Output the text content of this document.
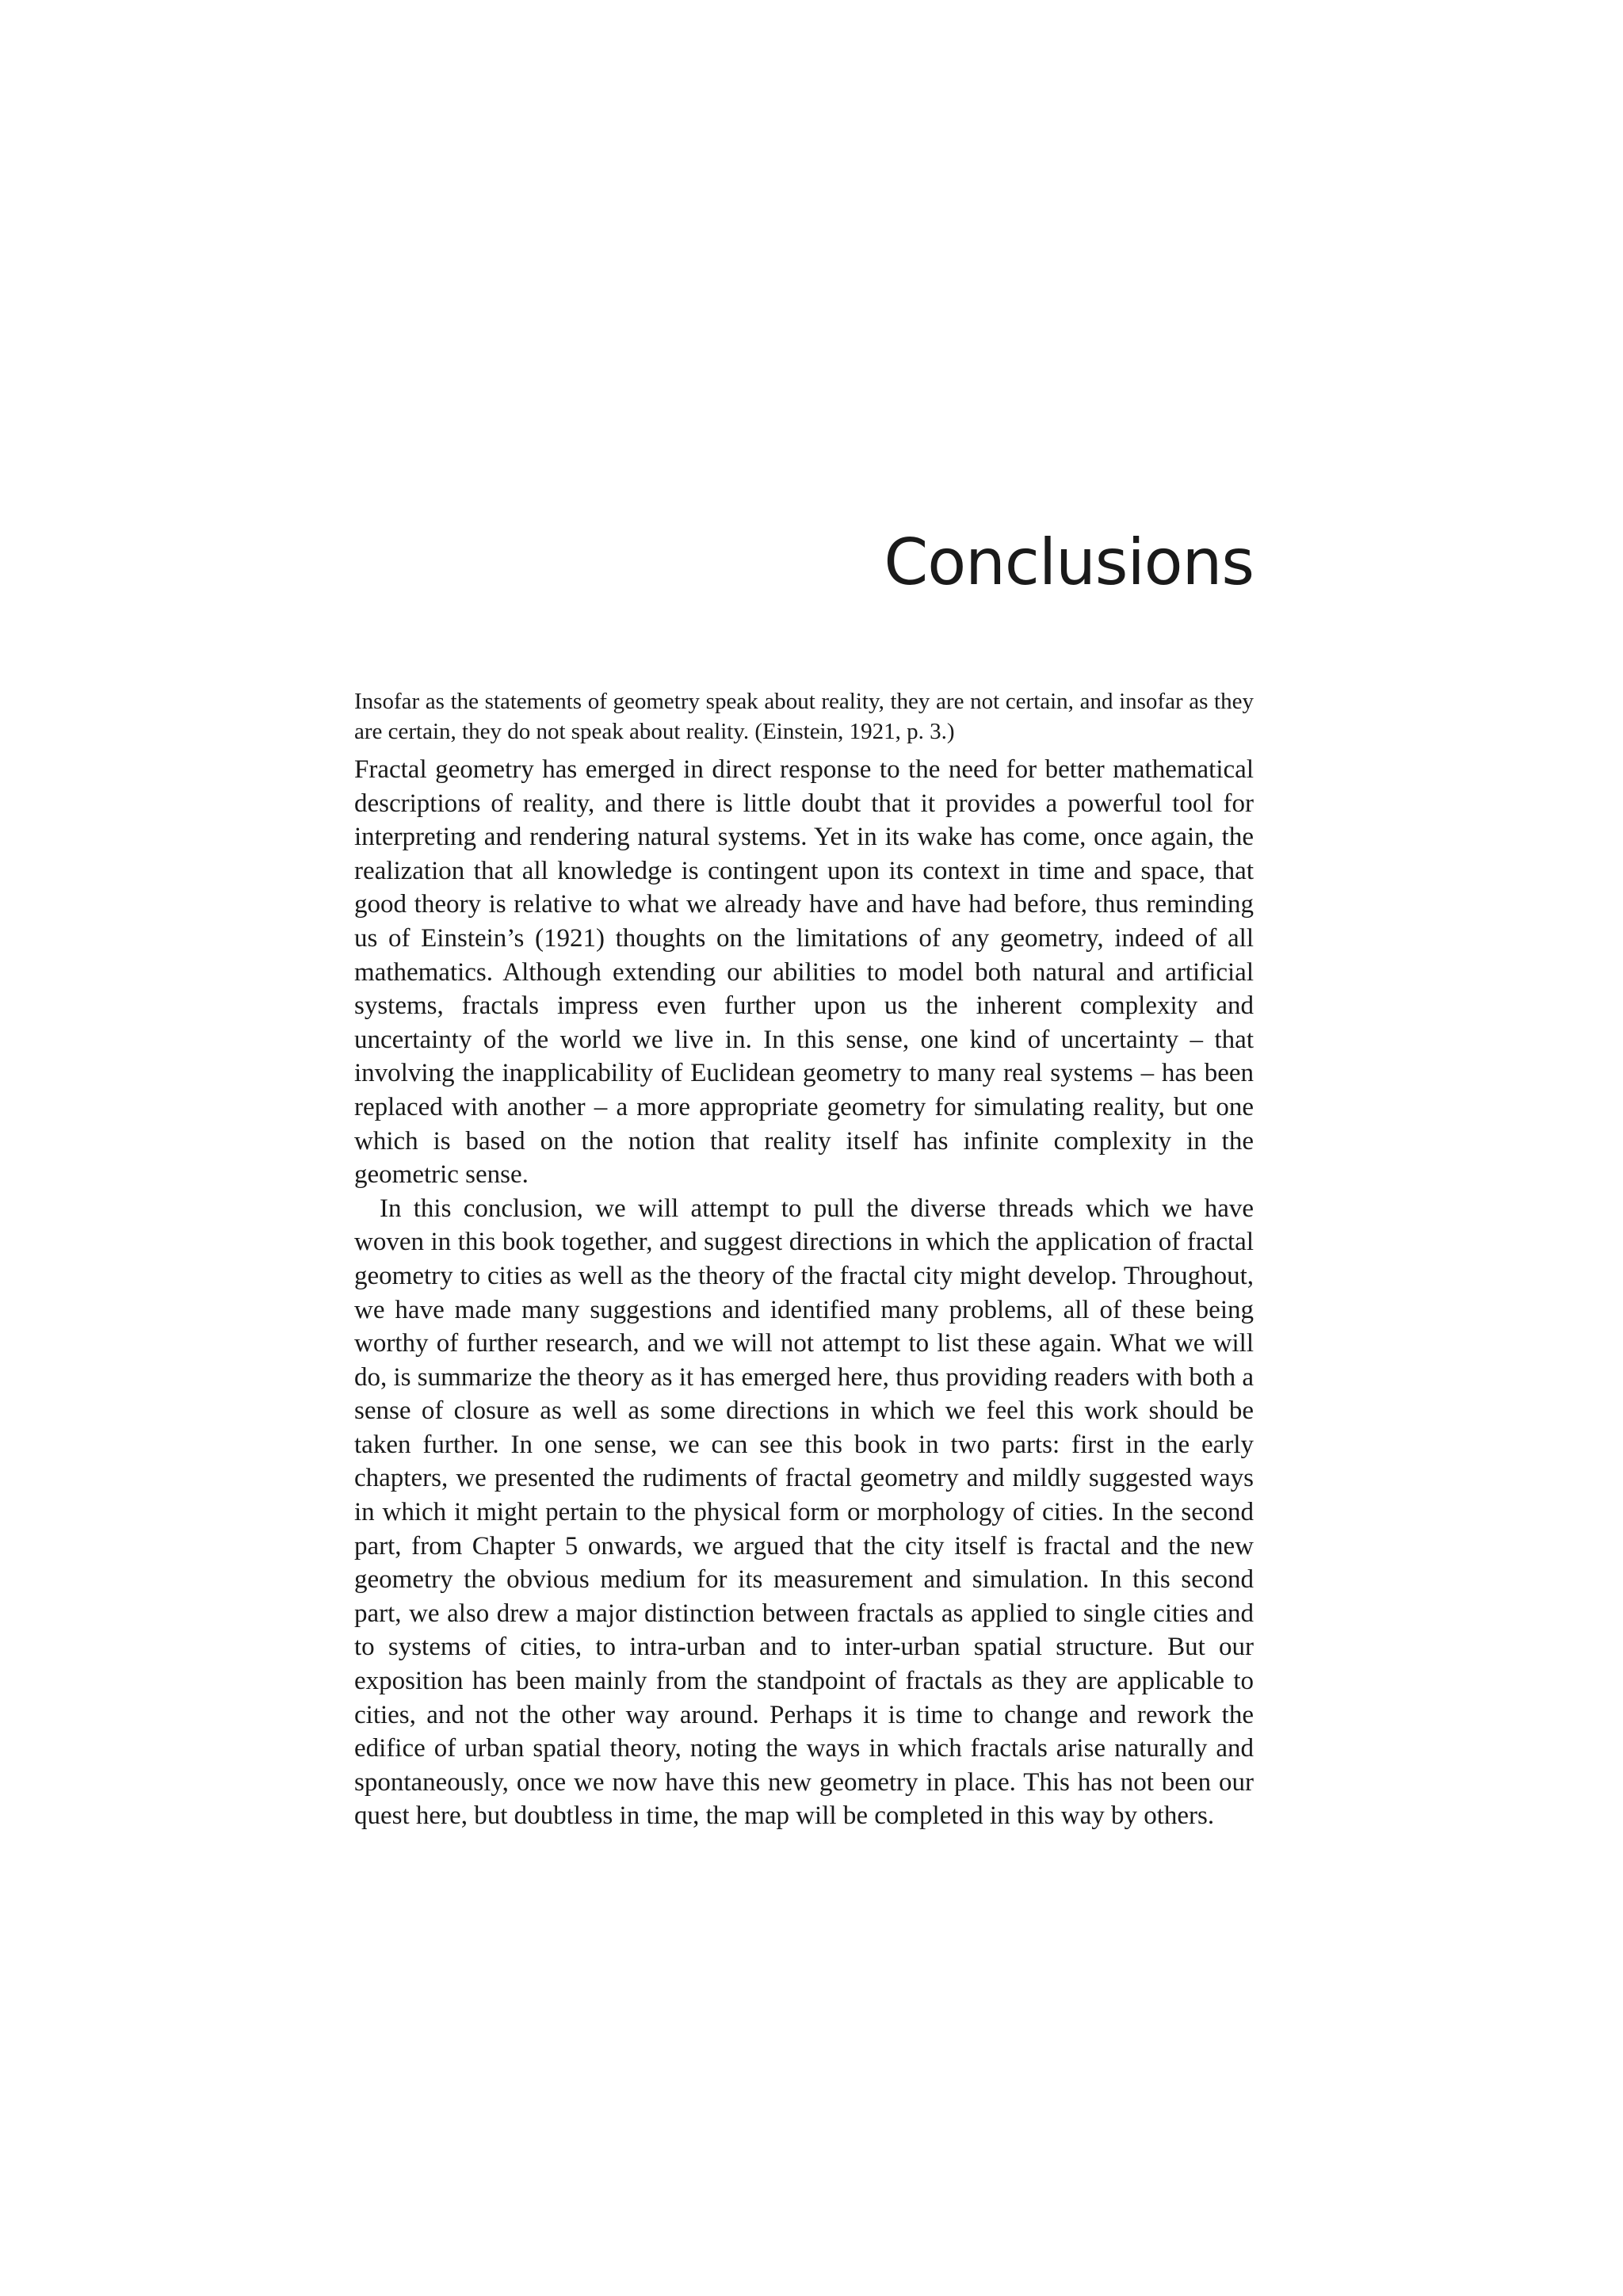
Conclusions

Insofar as the statements of geometry speak about reality, they are not certain, and insofar as they are certain, they do not speak about reality. (Einstein, 1921, p. 3.)

Fractal geometry has emerged in direct response to the need for better mathematical descriptions of reality, and there is little doubt that it provides a powerful tool for interpreting and rendering natural systems. Yet in its wake has come, once again, the realization that all knowledge is contingent upon its context in time and space, that good theory is relative to what we already have and have had before, thus reminding us of Einstein’s (1921) thoughts on the limitations of any geometry, indeed of all mathematics. Although extending our abilities to model both natural and artificial systems, fractals impress even further upon us the inherent complexity and uncertainty of the world we live in. In this sense, one kind of uncertainty – that involving the inapplicability of Euclidean geometry to many real systems – has been replaced with another – a more appropriate geometry for simulating reality, but one which is based on the notion that reality itself has infinite complexity in the geometric sense.

In this conclusion, we will attempt to pull the diverse threads which we have woven in this book together, and suggest directions in which the application of fractal geometry to cities as well as the theory of the fractal city might develop. Throughout, we have made many suggestions and identified many problems, all of these being worthy of further research, and we will not attempt to list these again. What we will do, is summarize the theory as it has emerged here, thus providing readers with both a sense of closure as well as some directions in which we feel this work should be taken further. In one sense, we can see this book in two parts: first in the early chapters, we presented the rudiments of fractal geometry and mildly suggested ways in which it might pertain to the physical form or morphology of cities. In the second part, from Chapter 5 onwards, we argued that the city itself is fractal and the new geometry the obvious medium for its measurement and simulation. In this second part, we also drew a major distinction between fractals as applied to single cities and to systems of cities, to intra-urban and to inter-urban spatial structure. But our exposition has been mainly from the standpoint of fractals as they are applicable to cities, and not the other way around. Perhaps it is time to change and rework the edifice of urban spatial theory, noting the ways in which fractals arise naturally and spontaneously, once we now have this new geometry in place. This has not been our quest here, but doubtless in time, the map will be completed in this way by others.
